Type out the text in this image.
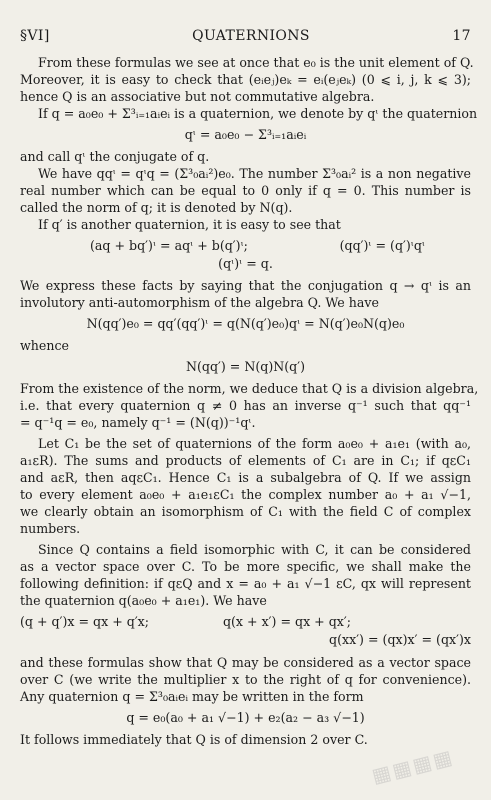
§VI]	QUATERNIONS	17
From these formulas we see at once that e₀ is the unit element of Q.
Moreover, it is easy to check that (eᵢeⱼ)eₖ = eᵢ(eⱼeₖ) (0 ⩽ i, j, k ⩽ 3);
hence Q is an associative but not commutative algebra.
If q = a₀e₀ + Σ³ᵢ₌₁aᵢeᵢ is a quaternion, we denote by qᶥ the quaternion
qᶥ = a₀e₀ − Σ³ᵢ₌₁aᵢeᵢ
and call qᶥ the conjugate of q.
We have qqᶥ = qᶥq = (Σ³₀aᵢ²)e₀. The number Σ³₀aᵢ² is a non negative
real number which can be equal to 0 only if q = 0. This number is
called the norm of q; it is denoted by N(q).
If q′ is another quaternion, it is easy to see that
(aq + bq′)ᶥ = aqᶥ + b(q′)ᶥ;	(qq′)ᶥ = (q′)ᶥqᶥ
(qᶥ)ᶥ = q.
We express these facts by saying that the conjugation q → qᶥ is an
involutory anti-automorphism of the algebra Q. We have
N(qq′)e₀ = qq′(qq′)ᶥ = q(N(q′)e₀)qᶥ = N(q′)e₀N(q)e₀
whence
N(qq′) = N(q)N(q′)
From the existence of the norm, we deduce that Q is a division algebra,
i.e. that every quaternion q ≠ 0 has an inverse q⁻¹ such that qq⁻¹
= q⁻¹q = e₀, namely q⁻¹ = (N(q))⁻¹qᶥ.
Let C₁ be the set of quaternions of the form a₀e₀ + a₁e₁ (with a₀,
a₁εR). The sums and products of elements of C₁ are in C₁; if qεC₁
and aεR, then aqεC₁. Hence C₁ is a subalgebra of Q. If we assign
to every element a₀e₀ + a₁e₁εC₁ the complex number a₀ + a₁ √−1,
we clearly obtain an isomorphism of C₁ with the field C of complex
numbers.
Since Q contains a field isomorphic with C, it can be considered
as a vector space over C. To be more specific, we shall make the
following definition: if qεQ and x = a₀ + a₁ √−1 εC, qx will represent
the quaternion q(a₀e₀ + a₁e₁). We have
(q + q′)x = qx + q′x;	q(x + x′) = qx + qx′;
q(xx′) = (qx)x′ = (qx′)x
and these formulas show that Q may be considered as a vector space
over C (we write the multiplier x to the right of q for convenience).
Any quaternion q = Σ³₀aᵢeᵢ may be written in the form
q = e₀(a₀ + a₁ √−1) + e₂(a₂ − a₃ √−1)
It follows immediately that Q is of dimension 2 over C.
▦▦▦▦
